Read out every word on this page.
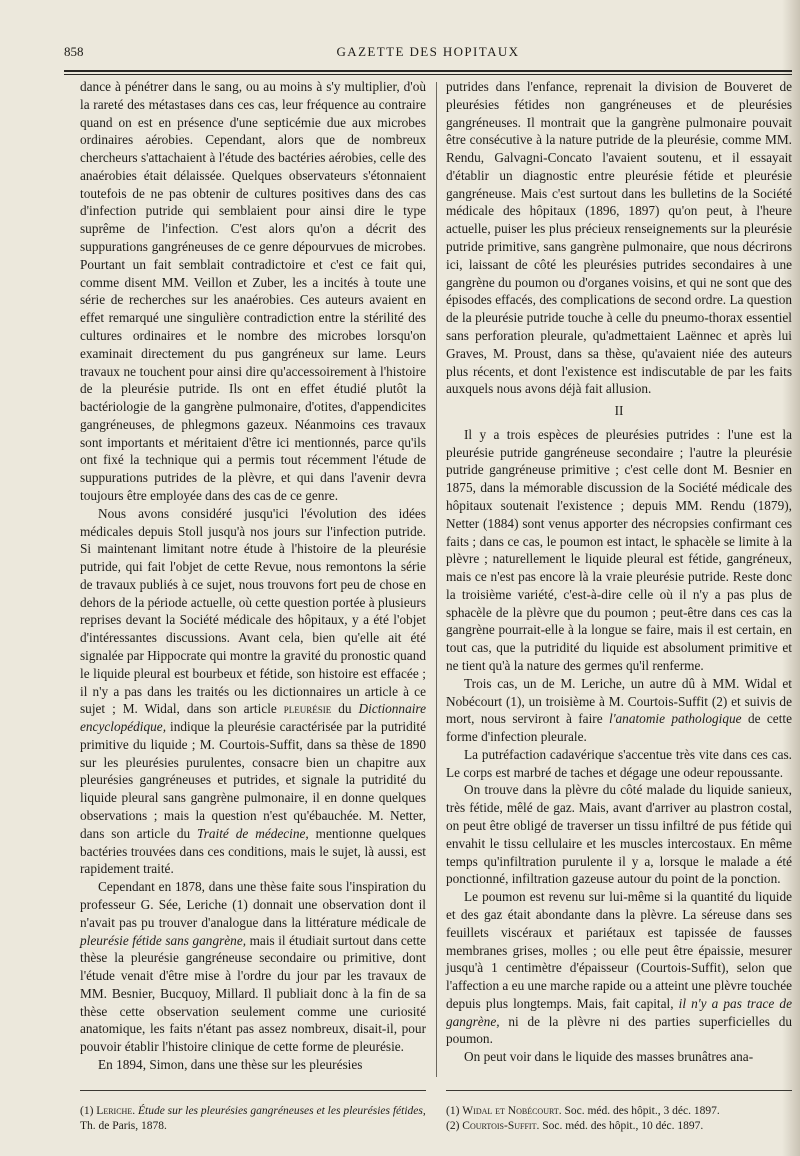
858	GAZETTE DES HOPITAUX

dance à pénétrer dans le sang, ou au moins à s'y multiplier, d'où la rareté des métastases dans ces cas, leur fréquence au contraire quand on est en présence d'une septicémie due aux microbes ordinaires aérobies. Cependant, alors que de nombreux chercheurs s'attachaient à l'étude des bactéries aérobies, celle des anaérobies était délaissée. Quelques observateurs s'étonnaient toutefois de ne pas obtenir de cultures positives dans des cas d'infection putride qui semblaient pour ainsi dire le type suprême de l'infection. C'est alors qu'on a décrit des suppurations gangréneuses de ce genre dépourvues de microbes. Pourtant un fait semblait contradictoire et c'est ce fait qui, comme disent MM. Veillon et Zuber, les a incités à toute une série de recherches sur les anaérobies. Ces auteurs avaient en effet remarqué une singulière contradiction entre la stérilité des cultures ordinaires et le nombre des microbes lorsqu'on examinait directement du pus gangréneux sur lame. Leurs travaux ne touchent pour ainsi dire qu'accessoirement à l'histoire de la pleurésie putride. Ils ont en effet étudié plutôt la bactériologie de la gangrène pulmonaire, d'otites, d'appendicites gangréneuses, de phlegmons gazeux. Néanmoins ces travaux sont importants et méritaient d'être ici mentionnés, parce qu'ils ont fixé la technique qui a permis tout récemment l'étude de suppurations putrides de la plèvre, et qui dans l'avenir devra toujours être employée dans des cas de ce genre.

Nous avons considéré jusqu'ici l'évolution des idées médicales depuis Stoll jusqu'à nos jours sur l'infection putride. Si maintenant limitant notre étude à l'histoire de la pleurésie putride, qui fait l'objet de cette Revue, nous remontons la série de travaux publiés à ce sujet, nous trouvons fort peu de chose en dehors de la période actuelle, où cette question portée à plusieurs reprises devant la Société médicale des hôpitaux, y a été l'objet d'intéressantes discussions. Avant cela, bien qu'elle ait été signalée par Hippocrate qui montre la gravité du pronostic quand le liquide pleural est bourbeux et fétide, son histoire est effacée ; il n'y a pas dans les traités ou les dictionnaires un article à ce sujet ; M. Widal, dans son article pleurésie du Dictionnaire encyclopédique, indique la pleurésie caractérisée par la putridité primitive du liquide ; M. Courtois-Suffit, dans sa thèse de 1890 sur les pleurésies purulentes, consacre bien un chapitre aux pleurésies gangréneuses et putrides, et signale la putridité du liquide pleural sans gangrène pulmonaire, il en donne quelques observations ; mais la question n'est qu'ébauchée. M. Netter, dans son article du Traité de médecine, mentionne quelques bactéries trouvées dans ces conditions, mais le sujet, là aussi, est rapidement traité.

Cependant en 1878, dans une thèse faite sous l'inspiration du professeur G. Sée, Leriche (1) donnait une observation dont il n'avait pas pu trouver d'analogue dans la littérature médicale de pleurésie fétide sans gangrène, mais il étudiait surtout dans cette thèse la pleurésie gangréneuse secondaire ou primitive, dont l'étude venait d'être mise à l'ordre du jour par les travaux de MM. Besnier, Bucquoy, Millard. Il publiait donc à la fin de sa thèse cette observation seulement comme une curiosité anatomique, les faits n'étant pas assez nombreux, disait-il, pour pouvoir établir l'histoire clinique de cette forme de pleurésie.

En 1894, Simon, dans une thèse sur les pleurésies

putrides dans l'enfance, reprenait la division de Bouveret de pleurésies fétides non gangréneuses et de pleurésies gangréneuses. Il montrait que la gangrène pulmonaire pouvait être consécutive à la nature putride de la pleurésie, comme MM. Rendu, Galvagni-Concato l'avaient soutenu, et il essayait d'établir un diagnostic entre pleurésie fétide et pleurésie gangréneuse. Mais c'est surtout dans les bulletins de la Société médicale des hôpitaux (1896, 1897) qu'on peut, à l'heure actuelle, puiser les plus précieux renseignements sur la pleurésie putride primitive, sans gangrène pulmonaire, que nous décrirons ici, laissant de côté les pleurésies putrides secondaires à une gangrène du poumon ou d'organes voisins, et qui ne sont que des épisodes effacés, des complications de second ordre. La question de la pleurésie putride touche à celle du pneumo-thorax essentiel sans perforation pleurale, qu'admettaient Laënnec et après lui Graves, M. Proust, dans sa thèse, qu'avaient niée des auteurs plus récents, et dont l'existence est indiscutable de par les faits auxquels nous avons déjà fait allusion.

II

Il y a trois espèces de pleurésies putrides : l'une est la pleurésie putride gangréneuse secondaire ; l'autre la pleurésie putride gangréneuse primitive ; c'est celle dont M. Besnier en 1875, dans la mémorable discussion de la Société médicale des hôpitaux soutenait l'existence ; depuis MM. Rendu (1879), Netter (1884) sont venus apporter des nécropsies confirmant ces faits ; dans ce cas, le poumon est intact, le sphacèle se limite à la plèvre ; naturellement le liquide pleural est fétide, gangréneux, mais ce n'est pas encore là la vraie pleurésie putride. Reste donc la troisième variété, c'est-à-dire celle où il n'y a pas plus de sphacèle de la plèvre que du poumon ; peut-être dans ces cas la gangrène pourrait-elle à la longue se faire, mais il est certain, en tout cas, que la putridité du liquide est absolument primitive et ne tient qu'à la nature des germes qu'il renferme.

Trois cas, un de M. Leriche, un autre dû à MM. Widal et Nobécourt (1), un troisième à M. Courtois-Suffit (2) et suivis de mort, nous serviront à faire l'anatomie pathologique de cette forme d'infection pleurale.

La putréfaction cadavérique s'accentue très vite dans ces cas. Le corps est marbré de taches et dégage une odeur repoussante.

On trouve dans la plèvre du côté malade du liquide sanieux, très fétide, mêlé de gaz. Mais, avant d'arriver au plastron costal, on peut être obligé de traverser un tissu infiltré de pus fétide qui envahit le tissu cellulaire et les muscles intercostaux. En même temps qu'infiltration purulente il y a, lorsque le malade a été ponctionné, infiltration gazeuse autour du point de la ponction.

Le poumon est revenu sur lui-même si la quantité du liquide et des gaz était abondante dans la plèvre. La séreuse dans ses feuillets viscéraux et pariétaux est tapissée de fausses membranes grises, molles ; ou elle peut être épaissie, mesurer jusqu'à 1 centimètre d'épaisseur (Courtois-Suffit), selon que l'affection a eu une marche rapide ou a atteint une plèvre touchée depuis plus longtemps. Mais, fait capital, il n'y a pas trace de gangrène, ni de la plèvre ni des parties superficielles du poumon.

On peut voir dans le liquide des masses brunâtres ana-

(1) Leriche. Étude sur les pleurésies gangréneuses et les pleurésies fétides, Th. de Paris, 1878.

(1) Widal et Nobécourt. Soc. méd. des hôpit., 3 déc. 1897.

(2) Courtois-Suffit. Soc. méd. des hôpit., 10 déc. 1897.
